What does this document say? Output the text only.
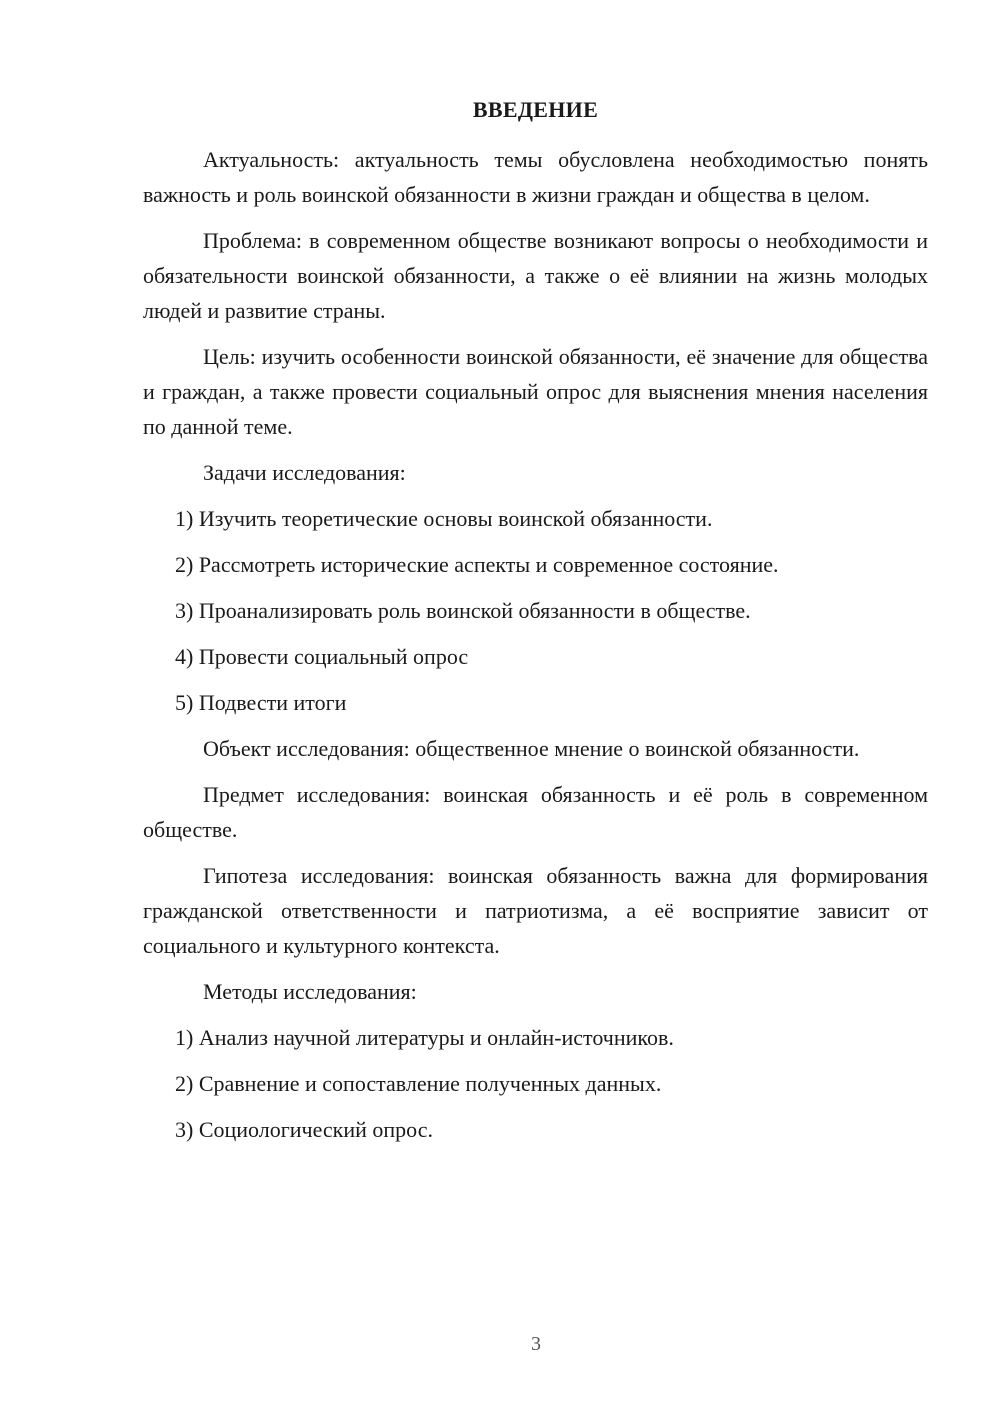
ВВЕДЕНИЕ

Актуальность: актуальность темы обусловлена необходимостью понять важность и роль воинской обязанности в жизни граждан и общества в целом.

Проблема: в современном обществе возникают вопросы о необходимости и обязательности воинской обязанности, а также о её влиянии на жизнь молодых людей и развитие страны.

Цель: изучить особенности воинской обязанности, её значение для общества и граждан, а также провести социальный опрос для выяснения мнения населения по данной теме.

Задачи исследования:

1) Изучить теоретические основы воинской обязанности.
2) Рассмотреть исторические аспекты и современное состояние.
3) Проанализировать роль воинской обязанности в обществе.
4) Провести социальный опрос
5) Подвести итоги

Объект исследования: общественное мнение о воинской обязанности.

Предмет исследования: воинская обязанность и её роль в современном обществе.

Гипотеза исследования: воинская обязанность важна для формирования гражданской ответственности и патриотизма, а её восприятие зависит от социального и культурного контекста.

Методы исследования:

1) Анализ научной литературы и онлайн-источников.
2) Сравнение и сопоставление полученных данных.
3) Социологический опрос.
3
